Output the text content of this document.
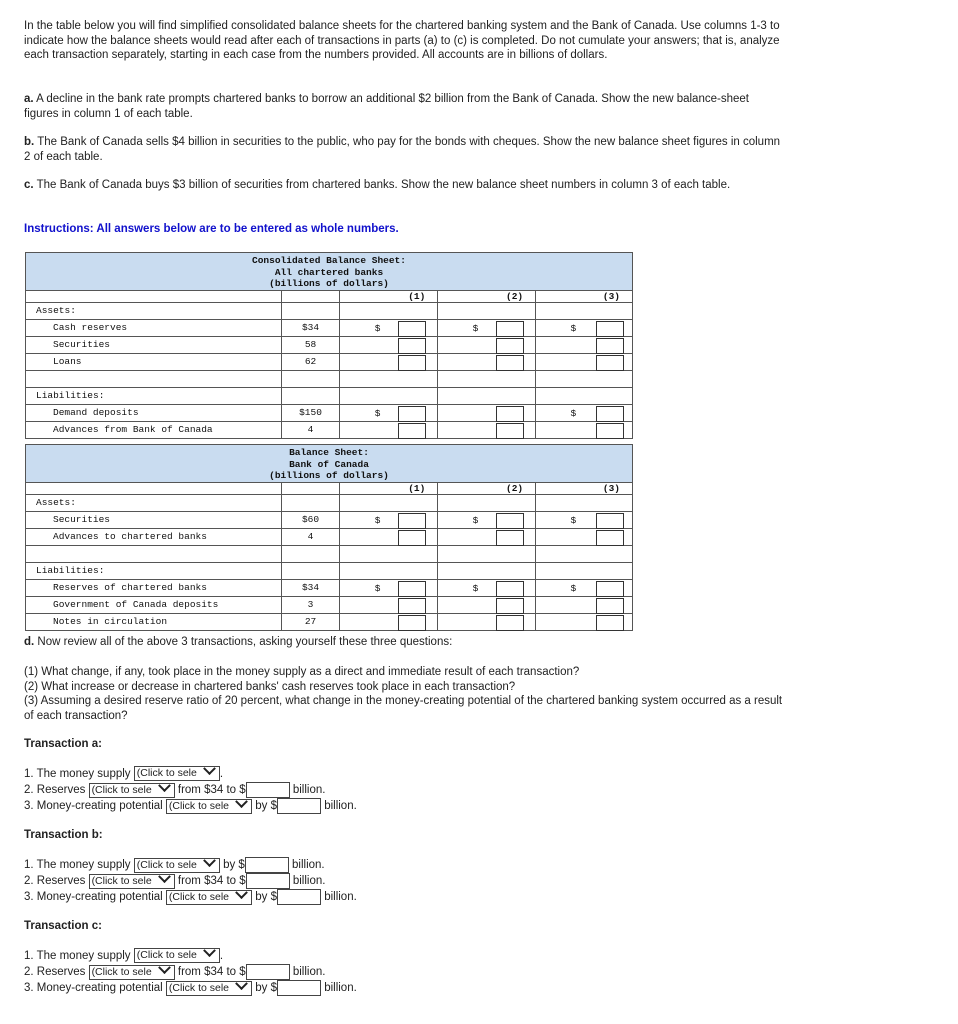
In the table below you will find simplified consolidated balance sheets for the chartered banking system and the Bank of Canada. Use columns 1-3 to indicate how the balance sheets would read after each of transactions in parts (a) to (c) is completed. Do not cumulate your answers; that is, analyze each transaction separately, starting in each case from the numbers provided. All accounts are in billions of dollars.

a. A decline in the bank rate prompts chartered banks to borrow an additional $2 billion from the Bank of Canada. Show the new balance-sheet figures in column 1 of each table.

b. The Bank of Canada sells $4 billion in securities to the public, who pay for the bonds with cheques. Show the new balance sheet figures in column 2 of each table.

c. The Bank of Canada buys $3 billion of securities from chartered banks. Show the new balance sheet numbers in column 3 of each table.

Instructions: All answers below are to be entered as whole numbers.

Consolidated Balance Sheet:
All chartered banks
(billions of dollars)				

		(1)	(2)	(3)
Assets:				
Cash reserves	$34	$	$	$

Securities	58	

Loans	62	

Liabilities:				
Demand deposits	$150	$		$

Advances from Bank of Canada	4	

Balance Sheet:
Bank of Canada
(billions of dollars)				

		(1)	(2)	(3)
Assets:				
Securities	$60	$	$	$

Advances to chartered banks	4	

Liabilities:				
Reserves of chartered banks	$34	$	$	$

Government of Canada deposits	3	

Notes in circulation	27	

d. Now review all of the above 3 transactions, asking yourself these three questions:

(1) What change, if any, took place in the money supply as a direct and immediate result of each transaction?
(2) What increase or decrease in chartered banks' cash reserves took place in each transaction?
(3) Assuming a desired reserve ratio of 20 percent, what change in the money-creating potential of the chartered banking system occurred as a result of each transaction?
Transaction a:
1. The money supply (Click to sele .
2. Reserves (Click to sele from $34 to $	billion.
3. Money-creating potential (Click to sele by $	billion.
Transaction b:
1. The money supply (Click to sele by $	billion.
2. Reserves (Click to sele from $34 to $	billion.
3. Money-creating potential (Click to sele by $	billion.
Transaction c:
1. The money supply (Click to sele .
2. Reserves (Click to sele from $34 to $	billion.
3. Money-creating potential (Click to sele by $	billion.
